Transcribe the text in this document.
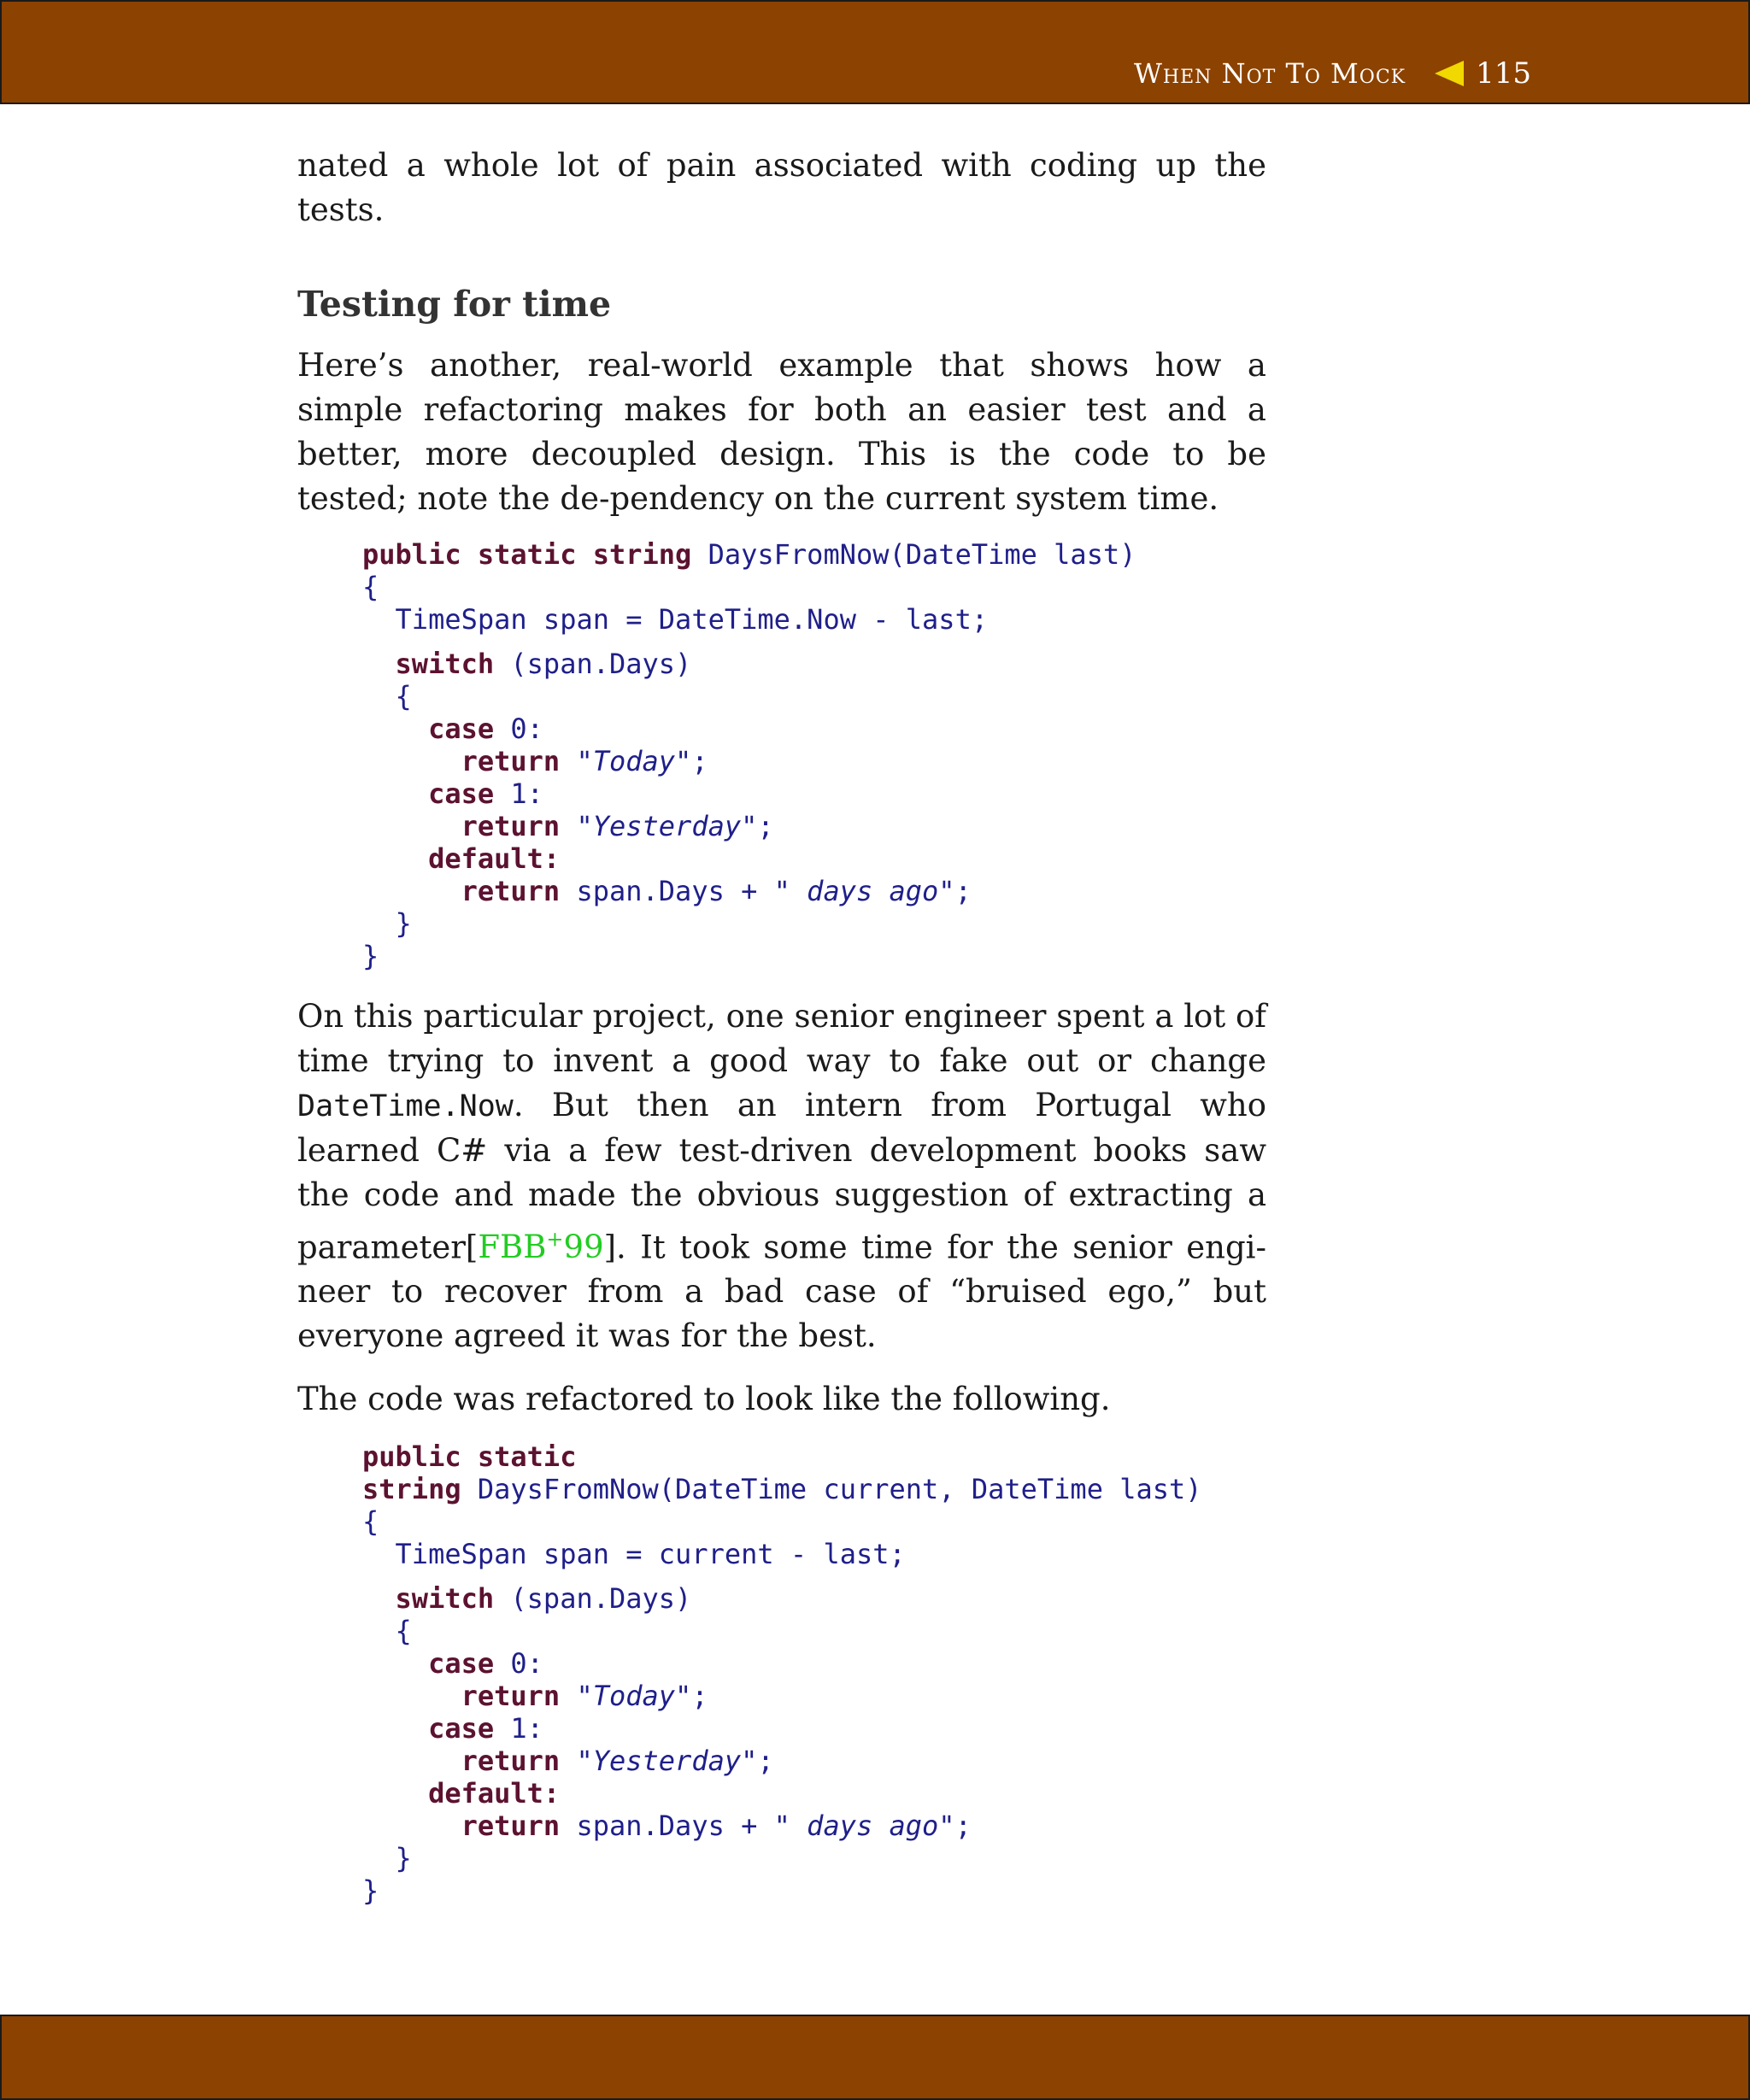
When Not To Mock 115

nated a whole lot of pain associated with coding up the tests.

Testing for time

Here’s another, real-world example that shows how a simple refactoring makes for both an easier test and a better, more decoupled design. This is the code to be tested; note the de-pendency on the current system time.

public static string DaysFromNow(DateTime last)
{
TimeSpan span = DateTime.Now - last;
switch (span.Days)
{
case 0:
return "Today";
case 1:
return "Yesterday";
default:
return span.Days + " days ago";
}
}

On this particular project, one senior engineer spent a lot of time trying to invent a good way to fake out or change DateTime.Now. But then an intern from Portugal who learned C# via a few test-driven development books saw the code and made the obvious suggestion of extracting a parameter[FBB+99]. It took some time for the senior engi-neer to recover from a bad case of “bruised ego,” but everyone agreed it was for the best.

The code was refactored to look like the following.

public static
string DaysFromNow(DateTime current, DateTime last)
{
TimeSpan span = current - last;
switch (span.Days)
{
case 0:
return "Today";
case 1:
return "Yesterday";
default:
return span.Days + " days ago";
}
}
